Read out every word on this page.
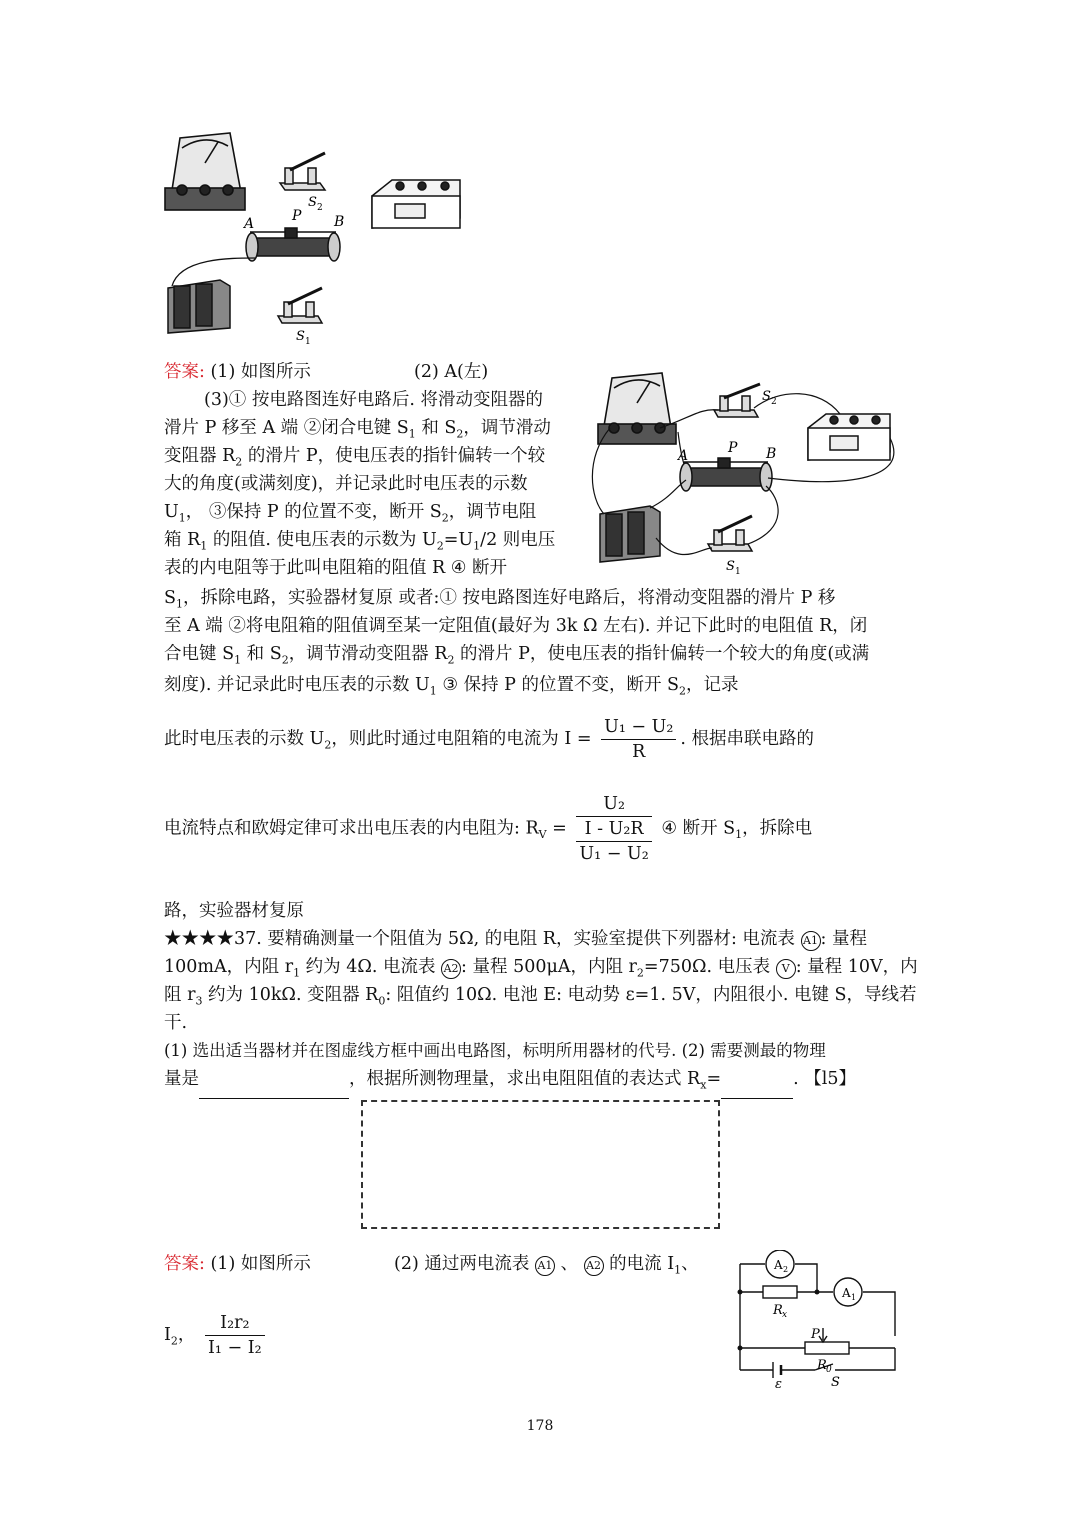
S 2
A	P B
S 1
S 2
A	P B
S 1
答案: (1) 如图所示	(2) A(左)
(3)① 按电路图连好电路后. 将滑动变阻器的
滑片 P 移至 A 端 ②闭合电键 $S_1$ 和 $S_2$，调节滑动
变阻器 $R_2$ 的滑片 P，使电压表的指针偏转一个较
大的角度(或满刻度)，并记录此时电压表的示数
$U_1$， ③保持 P 的位置不变，断开 $S_2$，调节电阻
箱 $R_1$ 的阻值. 使电压表的示数为 $U_2=U_1/2$ 则电压
表的内电阻等于此叫电阻箱的阻值 R ④ 断开
$S_1$，拆除电路，实验器材复原 或者:① 按电路图连好电路后，将滑动变阻器的滑片 P 移
至 A 端 ②将电阻箱的阻值调至某一定阻值(最好为 3k Ω 左右). 并记下此时的电阻值 R，闭
合电键 $S_1$ 和 $S_2$，调节滑动变阻器 $R_2$ 的滑片 P，使电压表的指针偏转一个较大的角度(或满
刻度). 并记录此时电压表的示数 $U_1$ ③ 保持 P 的位置不变，断开 $S_2$，记录
此时电压表的示数 $U_2$，则此时通过电阻箱的电流为 $I = \frac{\text{U₁ − U₂}}{R}$ . 根据串联电路的
电流特点和欧姆定律可求出电压表的内电阻为: $R_V$ =
U₂
I - U₂R
U₁ − U₂
④ 断开 $S_1$，拆除电
路，实验器材复原
★★★★37. 要精确测量一个阻值为 5Ω, 的电阻 R，实验室提供下列器材: 电流表 A1 : 量程
100mA，内阻 $r_1$ 约为 4Ω. 电流表 A2 : 量程 500μA，内阻 $r_2=750\Omega$. 电压表 V : 量程 10V，内
阻 $r_3$ 约为 10kΩ. 变阻器 $R_0$: 阻值约 10Ω. 电池 E: 电动势 ε=1. 5V，内阻很小. 电键 S，导线若
干.
(1) 选出适当器材并在图虚线方框中画出电路图，标明所用器材的代号. (2) 需要测最的物理
量是	，根据所测物理量，求出电阻阻值的表达式 $R_x=$	. 【l5】
答案: (1) 如图所示	(2) 通过两电流表 A1 、 A2 的电流 $I_1$、
$I_2$， $\frac{\text{I₂r₂}}{\text{I₁ − I₂}}$
A 2
A 1
R x
P
R 0
ε	S
178
